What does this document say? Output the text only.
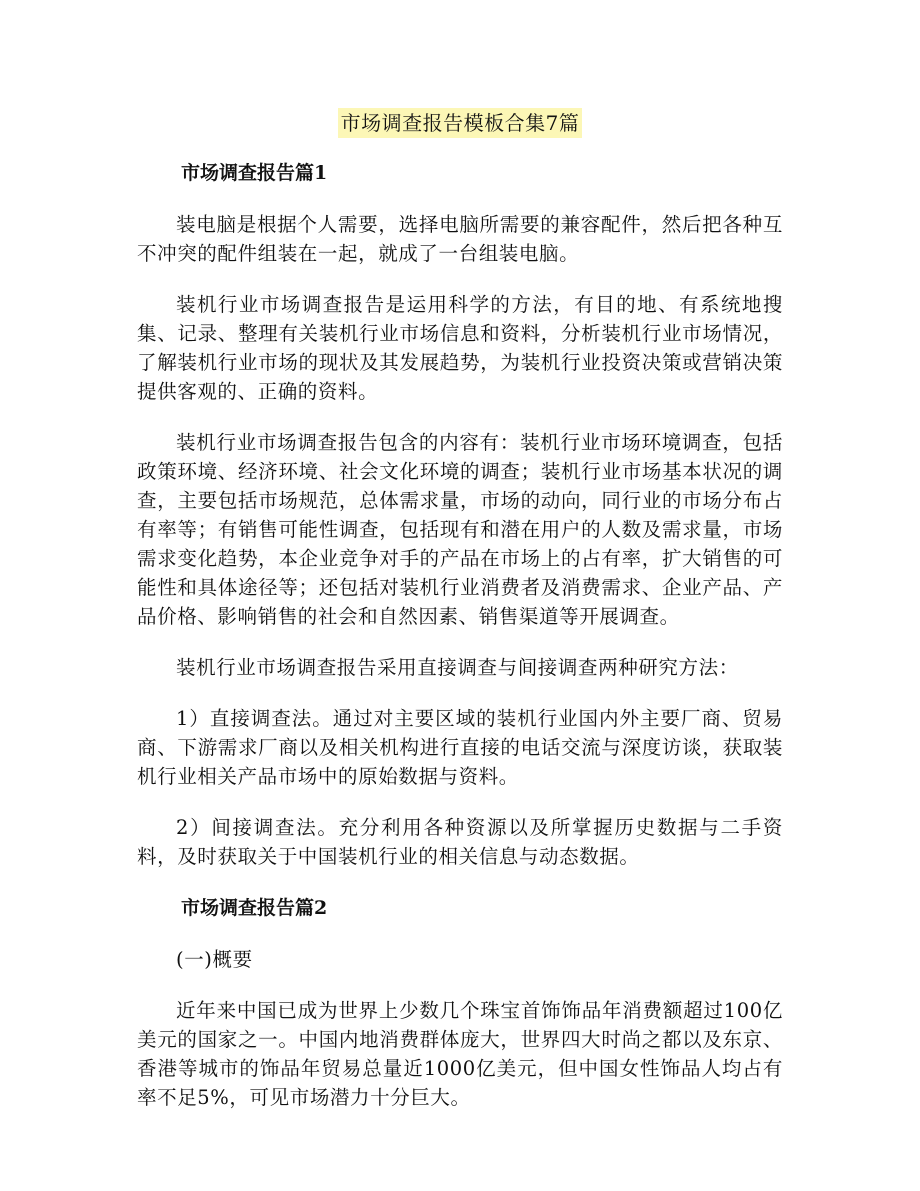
市场调查报告模板合集7篇
市场调查报告篇1

装电脑是根据个人需要，选择电脑所需要的兼容配件，然后把各种互不冲突的配件组装在一起，就成了一台组装电脑。

装机行业市场调查报告是运用科学的方法，有目的地、有系统地搜集、记录、整理有关装机行业市场信息和资料，分析装机行业市场情况，了解装机行业市场的现状及其发展趋势，为装机行业投资决策或营销决策提供客观的、正确的资料。

装机行业市场调查报告包含的内容有：装机行业市场环境调查，包括政策环境、经济环境、社会文化环境的调查；装机行业市场基本状况的调查，主要包括市场规范，总体需求量，市场的动向，同行业的市场分布占有率等；有销售可能性调查，包括现有和潜在用户的人数及需求量，市场需求变化趋势，本企业竞争对手的产品在市场上的占有率，扩大销售的可能性和具体途径等；还包括对装机行业消费者及消费需求、企业产品、产品价格、影响销售的社会和自然因素、销售渠道等开展调查。

装机行业市场调查报告采用直接调查与间接调查两种研究方法：

1）直接调查法。通过对主要区域的装机行业国内外主要厂商、贸易商、下游需求厂商以及相关机构进行直接的电话交流与深度访谈，获取装机行业相关产品市场中的原始数据与资料。

2）间接调查法。充分利用各种资源以及所掌握历史数据与二手资料，及时获取关于中国装机行业的相关信息与动态数据。

市场调查报告篇2

(一)概要

近年来中国已成为世界上少数几个珠宝首饰饰品年消费额超过100亿美元的国家之一。中国内地消费群体庞大，世界四大时尚之都以及东京、香港等城市的饰品年贸易总量近1000亿美元，但中国女性饰品人均占有率不足5%，可见市场潜力十分巨大。
